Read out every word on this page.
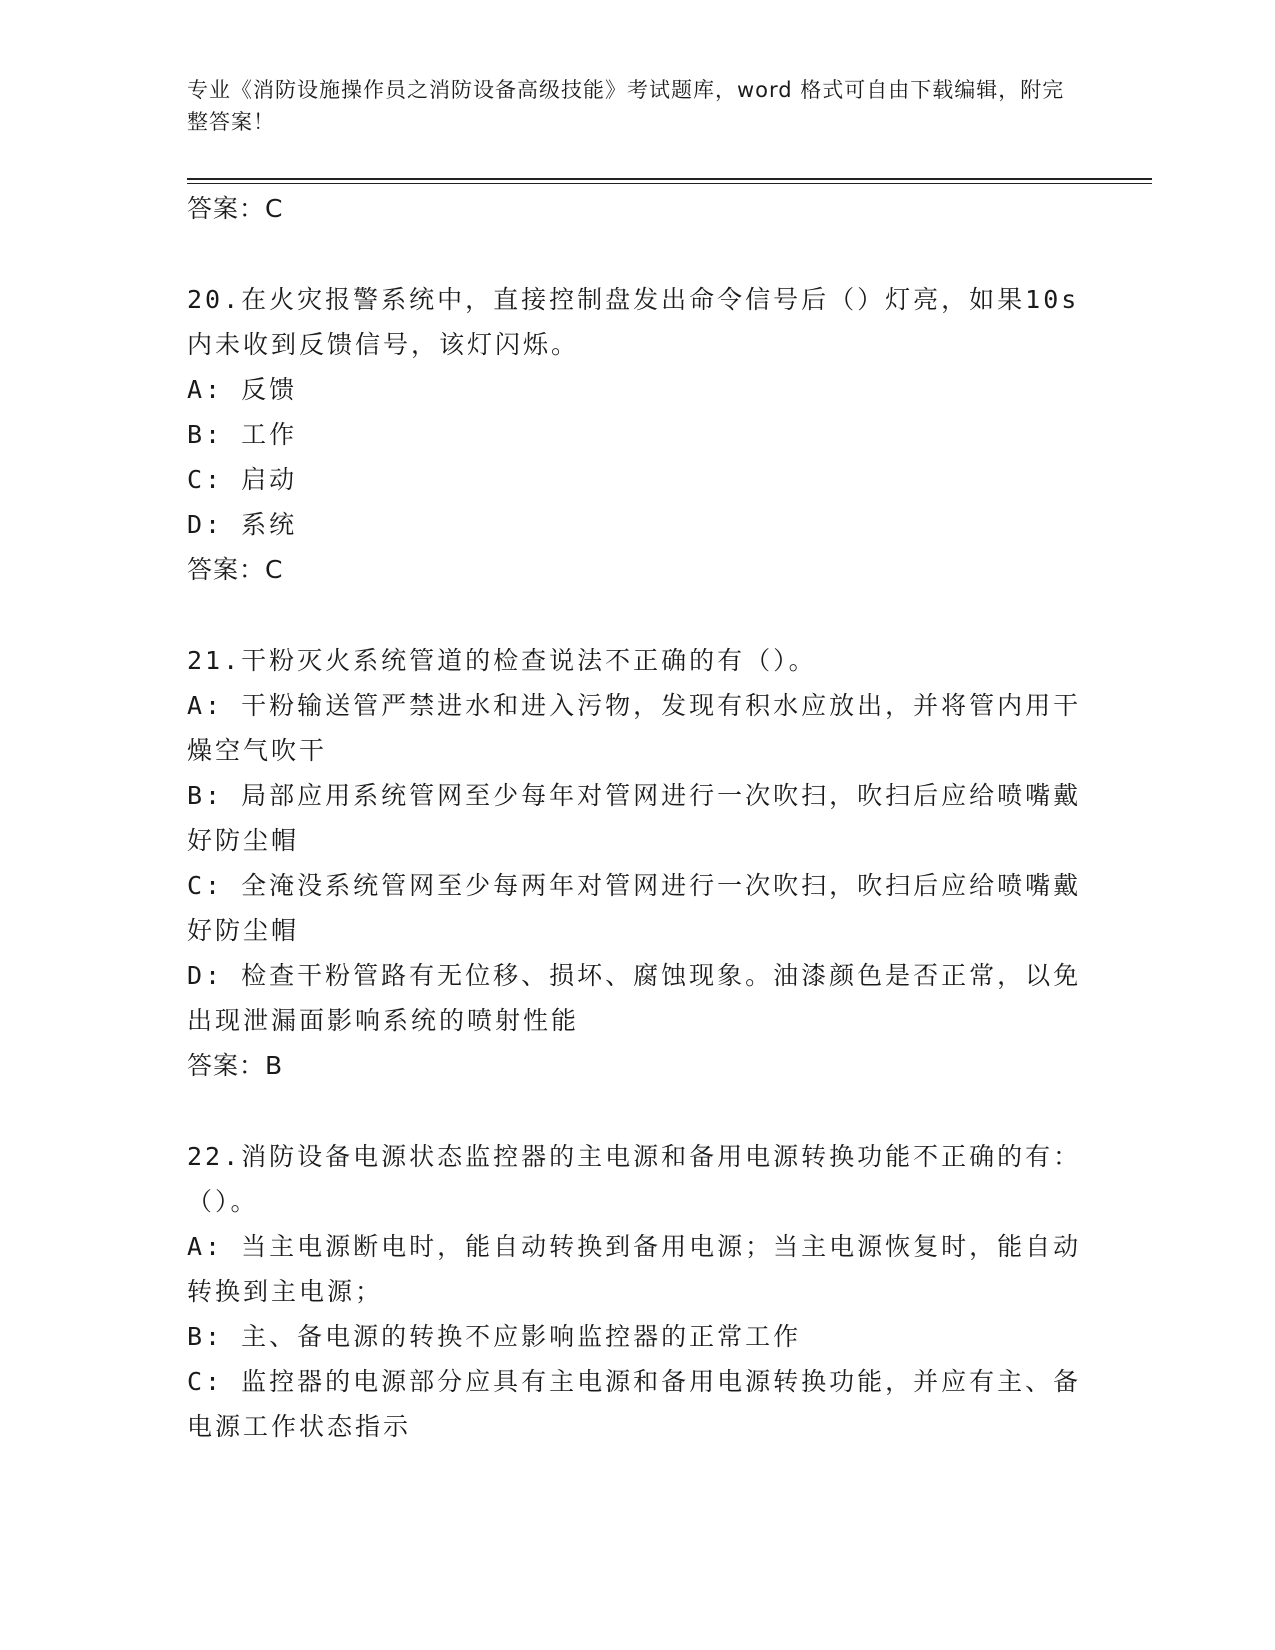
专业《消防设施操作员之消防设备高级技能》考试题库，word 格式可自由下载编辑，附完整答案！

答案：C

20.在火灾报警系统中，直接控制盘发出命令信号后（）灯亮，如果10s 内未收到反馈信号，该灯闪烁。

A: 反馈

B: 工作

C: 启动

D: 系统

答案：C

21.干粉灭火系统管道的检查说法不正确的有（）。

A: 干粉输送管严禁进水和进入污物，发现有积水应放出，并将管内用干燥空气吹干

B: 局部应用系统管网至少每年对管网进行一次吹扫，吹扫后应给喷嘴戴好防尘帽

C: 全淹没系统管网至少每两年对管网进行一次吹扫，吹扫后应给喷嘴戴好防尘帽

D: 检查干粉管路有无位移、损坏、腐蚀现象。油漆颜色是否正常，以免出现泄漏面影响系统的喷射性能

答案：B

22.消防设备电源状态监控器的主电源和备用电源转换功能不正确的有：（）。

A: 当主电源断电时，能自动转换到备用电源；当主电源恢复时，能自动转换到主电源；

B: 主、备电源的转换不应影响监控器的正常工作

C: 监控器的电源部分应具有主电源和备用电源转换功能，并应有主、备电源工作状态指示
